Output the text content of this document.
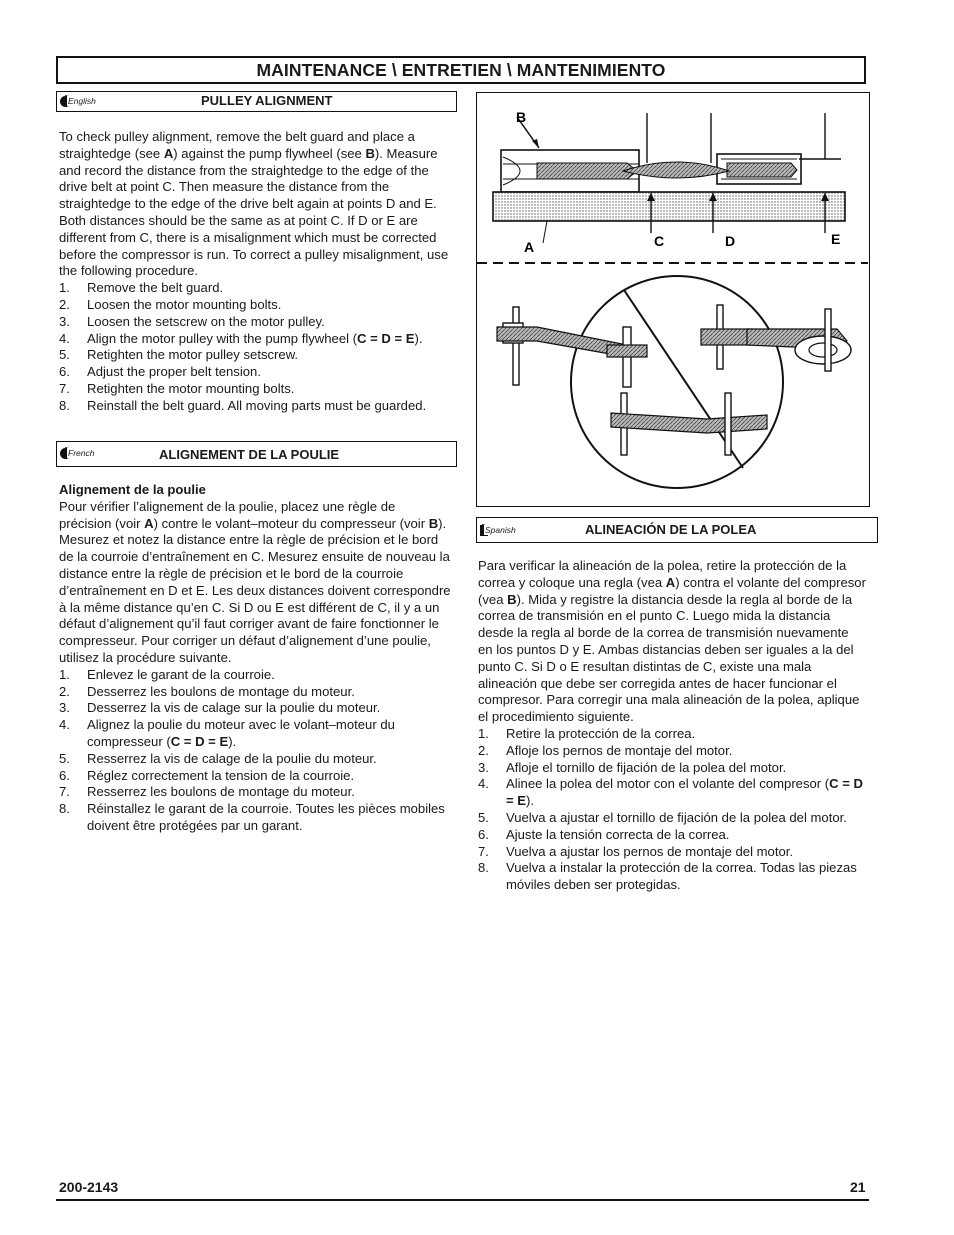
MAINTENANCE \ ENTRETIEN \ MANTENIMIENTO
English	PULLEY ALIGNMENT

To check pulley alignment, remove the belt guard and place a straightedge (see A) against the pump flywheel (see B). Measure and record the distance from the straightedge to the edge of the drive belt at point C. Then measure the distance from the straightedge to the edge of the drive belt again at points D and E. Both distances should be the same as at point C. If D or E are different from C, there is a misalignment which must be corrected before the compressor is run. To correct a pulley misalignment, use the following procedure.

1.	Remove the belt guard.
2.	Loosen the motor mounting bolts.
3.	Loosen the setscrew on the motor pulley.
4.	Align the motor pulley with the pump flywheel (C = D = E).
5.	Retighten the motor pulley setscrew.
6.	Adjust the proper belt tension.
7.	Retighten the motor mounting bolts.
8.	Reinstall the belt guard. All moving parts must be guarded.
French	ALIGNEMENT DE LA POULIE

Alignement de la poulie

Pour vérifier l’alignement de la poulie, placez une règle de précision (voir A) contre le volant–moteur du compresseur (voir B). Mesurez et notez la distance entre la règle de précision et le bord de la courroie d’entraînement en C. Mesurez ensuite de nouveau la distance entre la règle de précision et le bord de la courroie d’entraînement en D et E. Les deux distances doivent correspondre à la même distance qu’en C. Si D ou E est différent de C, il y a un défaut d’alignement qu’il faut corriger avant de faire fonctionner le compresseur. Pour corriger un défaut d’alignement d’une poulie, utilisez la procédure suivante.

1.	Enlevez le garant de la courroie.
2.	Desserrez les boulons de montage du moteur.
3.	Desserrez la vis de calage sur la poulie du moteur.
4.	Alignez la poulie du moteur avec le volant–moteur du compresseur (C = D = E).
5.	Resserrez la vis de calage de la poulie du moteur.
6.	Réglez correctement la tension de la courroie.
7.	Resserrez les boulons de montage du moteur.
8.	Réinstallez le garant de la courroie. Toutes les pièces mobiles doivent être protégées par un garant.
B
A	C	D	E
Spanish	ALINEACIÓN DE LA POLEA

Para verificar la alineación de la polea, retire la protección de la correa y coloque una regla (vea A) contra el volante del compresor (vea B). Mida y registre la distancia desde la regla al borde de la correa de transmisión en el punto C. Luego mida la distancia desde la regla al borde de la correa de transmisión nuevamente en los puntos D y E. Ambas distancias deben ser iguales a la del punto C. Si D o E resultan distintas de C, existe una mala alineación que debe ser corregida antes de hacer funcionar el compresor. Para corregir una mala alineación de la polea, aplique el procedimiento siguiente.

1.	Retire la protección de la correa.
2.	Afloje los pernos de montaje del motor.
3.	Afloje el tornillo de fijación de la polea del motor.
4.	Alinee la polea del motor con el volante del compresor (C = D = E).
5.	Vuelva a ajustar el tornillo de fijación de la polea del motor.
6.	Ajuste la tensión correcta de la correa.
7.	Vuelva a ajustar los pernos de montaje del motor.
8.	Vuelva a instalar la protección de la correa. Todas las piezas móviles deben ser protegidas.
200-2143	21
